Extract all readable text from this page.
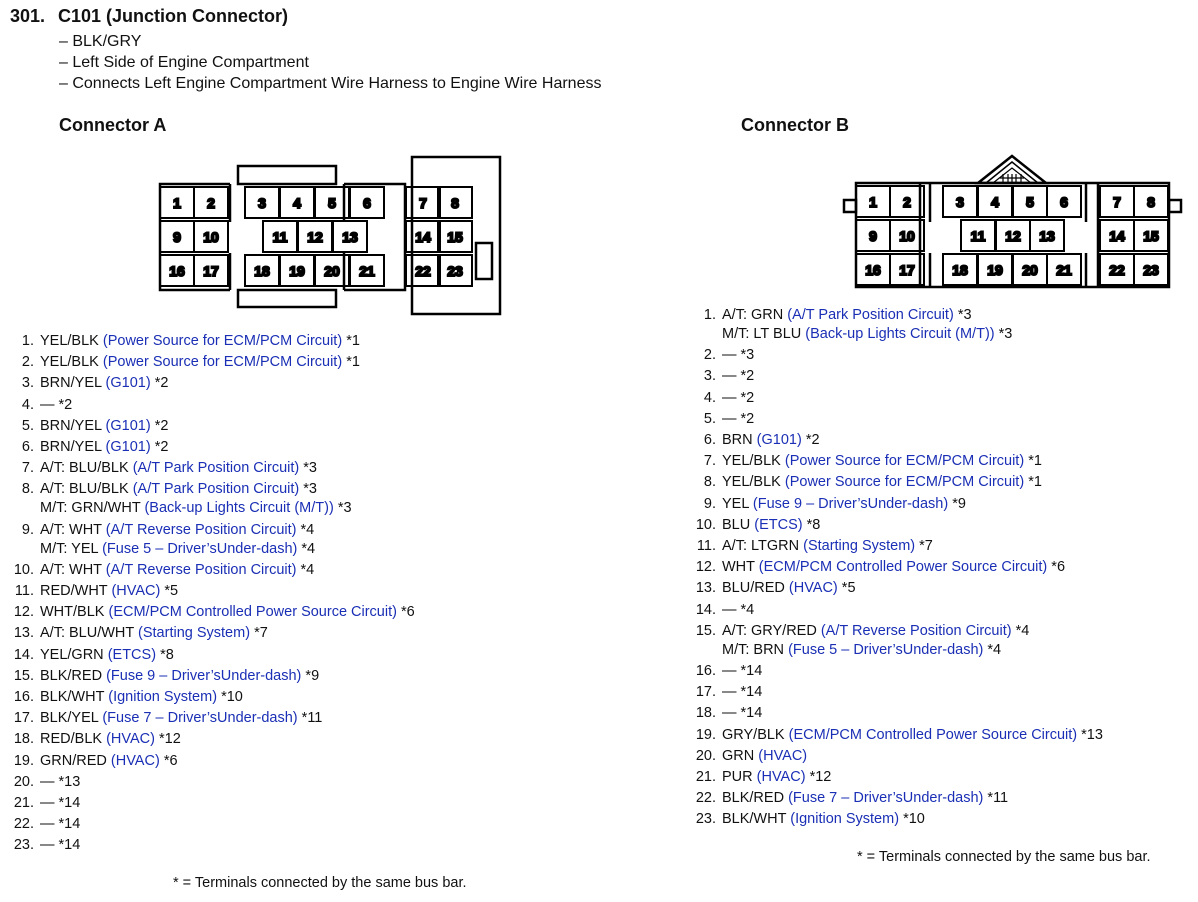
301. C101 (Junction Connector)
– BLK/GRY
– Left Side of Engine Compartment
– Connects Left Engine Compartment Wire Harness to Engine Wire Harness
Connector A	Connector B
1 2	3 4 5 6	7 8
9 10	11 12 13	14 15
16 17	18 19 20 21	22 23
1 2	3 4 5 6	7 8
9 10	11 12 13	14 15
16 17	18 19 20 21	22 23
1. YEL/BLK (Power Source for ECM/PCM Circuit) *1
2. YEL/BLK (Power Source for ECM/PCM Circuit) *1
3. BRN/YEL (G101) *2
4. — *2
5. BRN/YEL (G101) *2
6. BRN/YEL (G101) *2
7. A/T: BLU/BLK (A/T Park Position Circuit) *3
8. A/T: BLU/BLK (A/T Park Position Circuit) *3
M/T: GRN/WHT (Back-up Lights Circuit (M/T)) *3
9. A/T: WHT (A/T Reverse Position Circuit) *4
M/T: YEL (Fuse 5 – Driver’sUnder-dash) *4
10. A/T: WHT (A/T Reverse Position Circuit) *4
11. RED/WHT (HVAC) *5
12. WHT/BLK (ECM/PCM Controlled Power Source Circuit) *6
13. A/T: BLU/WHT (Starting System) *7
14. YEL/GRN (ETCS) *8
15. BLK/RED (Fuse 9 – Driver’sUnder-dash) *9
16. BLK/WHT (Ignition System) *10
17. BLK/YEL (Fuse 7 – Driver’sUnder-dash) *11
18. RED/BLK (HVAC) *12
19. GRN/RED (HVAC) *6
20. — *13
21. — *14
22. — *14
23. — *14
1. A/T: GRN (A/T Park Position Circuit) *3
M/T: LT BLU (Back-up Lights Circuit (M/T)) *3
2. — *3
3. — *2
4. — *2
5. — *2
6. BRN (G101) *2
7. YEL/BLK (Power Source for ECM/PCM Circuit) *1
8. YEL/BLK (Power Source for ECM/PCM Circuit) *1
9. YEL (Fuse 9 – Driver’sUnder-dash) *9
10. BLU (ETCS) *8
11. A/T: LTGRN (Starting System) *7
12. WHT (ECM/PCM Controlled Power Source Circuit) *6
13. BLU/RED (HVAC) *5
14. — *4
15. A/T: GRY/RED (A/T Reverse Position Circuit) *4
M/T: BRN (Fuse 5 – Driver’sUnder-dash) *4
16. — *14
17. — *14
18. — *14
19. GRY/BLK (ECM/PCM Controlled Power Source Circuit) *13
20. GRN (HVAC)
21. PUR (HVAC) *12
22. BLK/RED (Fuse 7 – Driver’sUnder-dash) *11
23. BLK/WHT (Ignition System) *10
* = Terminals connected by the same bus bar.
* = Terminals connected by the same bus bar.
